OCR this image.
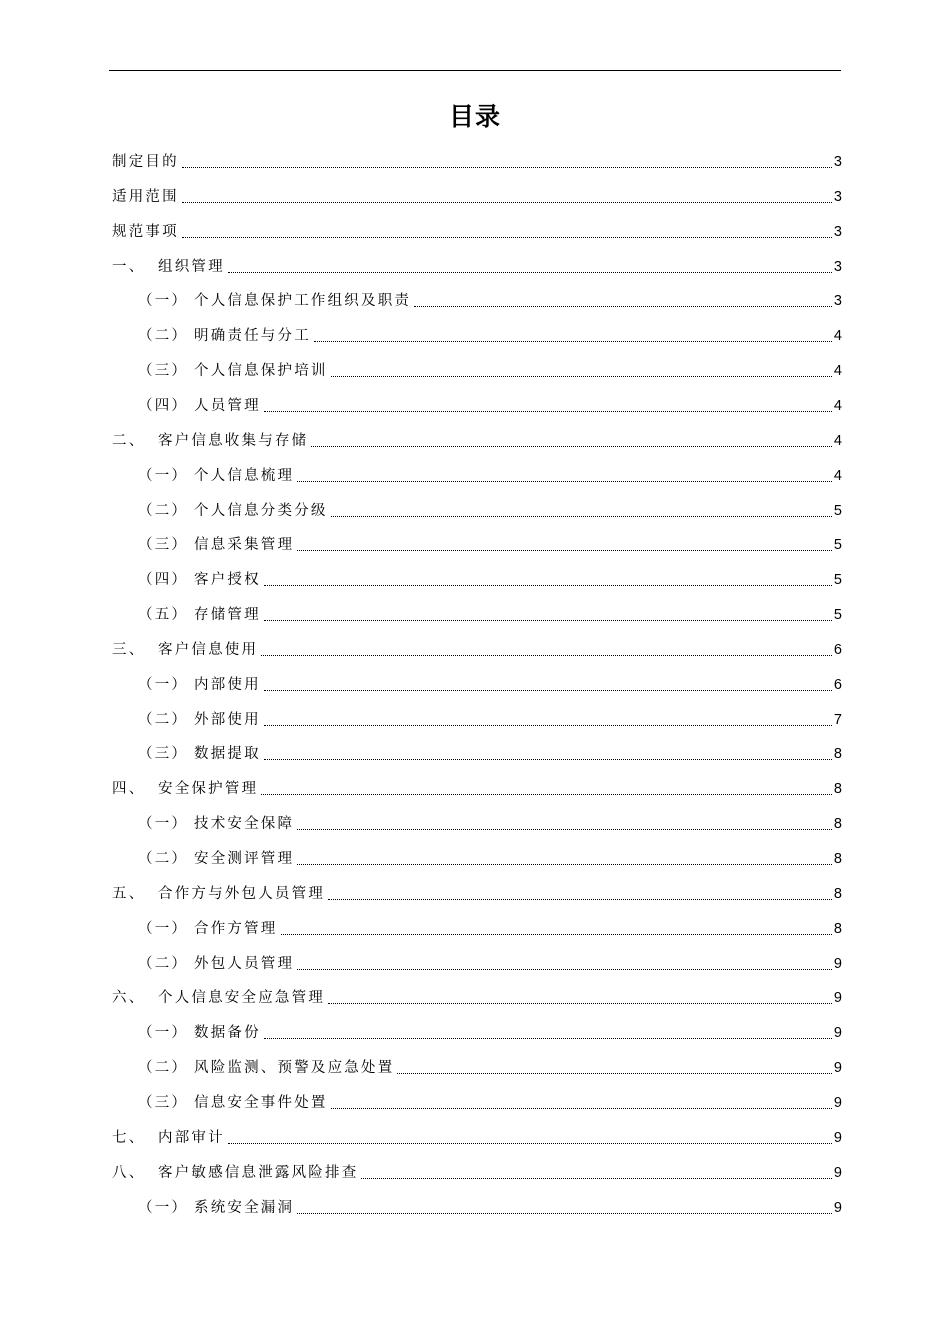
目录
制定目的	3
适用范围	3
规范事项	3
一、 组织管理	3
（一） 个人信息保护工作组织及职责	3
（二） 明确责任与分工	4
（三） 个人信息保护培训	4
（四） 人员管理	4
二、 客户信息收集与存储	4
（一） 个人信息梳理	4
（二） 个人信息分类分级	5
（三） 信息采集管理	5
（四） 客户授权	5
（五） 存储管理	5
三、 客户信息使用	6
（一） 内部使用	6
（二） 外部使用	7
（三） 数据提取	8
四、 安全保护管理	8
（一） 技术安全保障	8
（二） 安全测评管理	8
五、 合作方与外包人员管理	8
（一） 合作方管理	8
（二） 外包人员管理	9
六、 个人信息安全应急管理	9
（一） 数据备份	9
（二） 风险监测、预警及应急处置	9
（三） 信息安全事件处置	9
七、 内部审计	9
八、 客户敏感信息泄露风险排查	9
（一） 系统安全漏洞	9
